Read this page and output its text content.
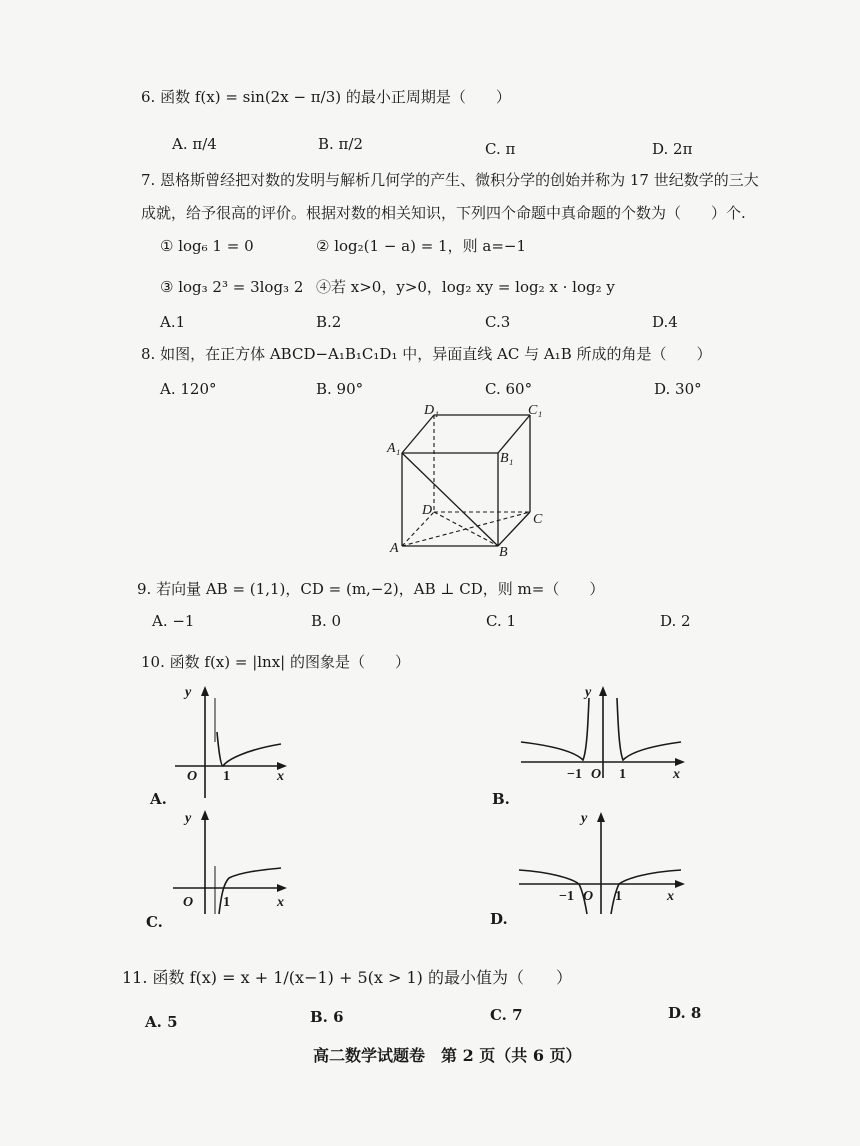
6. 函数 f(x) = sin(2x − π/3) 的最小正周期是（　　）
A. π/4	B. π/2	C. π	D. 2π
7. 恩格斯曾经把对数的发明与解析几何学的产生、微积分学的创始并称为 17 世纪数学的三大
成就，给予很高的评价。根据对数的相关知识，下列四个命题中真命题的个数为（　　）个.
① log₆ 1 = 0	② log₂(1 − a) = 1，则 a=−1
③ log₃ 2³ = 3log₃ 2 ④若 x>0，y>0，log₂ xy = log₂ x · log₂ y
A.1	B.2	C.3	D.4
8. 如图，在正方体 ABCD−A₁B₁C₁D₁ 中，异面直线 AC 与 A₁B 所成的角是（　　）
A. 120°	B. 90°	C. 60°	D. 30°
D₁	C₁
A₁
B₁
D
C
A	B
9. 若向量 AB = (1,1)，CD = (m,−2)，AB ⊥ CD，则 m=（　　）
A. −1	B. 0	C. 1	D. 2
10. 函数 f(x) = |lnx| 的图象是（　　）
y
O 1	x
A.
y
−1 O 1	x
B.
y
O 1	x
C.
y
−1 O 1	x
D.
11. 函数 f(x) = x + 1/(x−1) + 5(x > 1) 的最小值为（　　）
A. 5	B. 6	C. 7	D. 8
高二数学试题卷　第 2 页（共 6 页）
